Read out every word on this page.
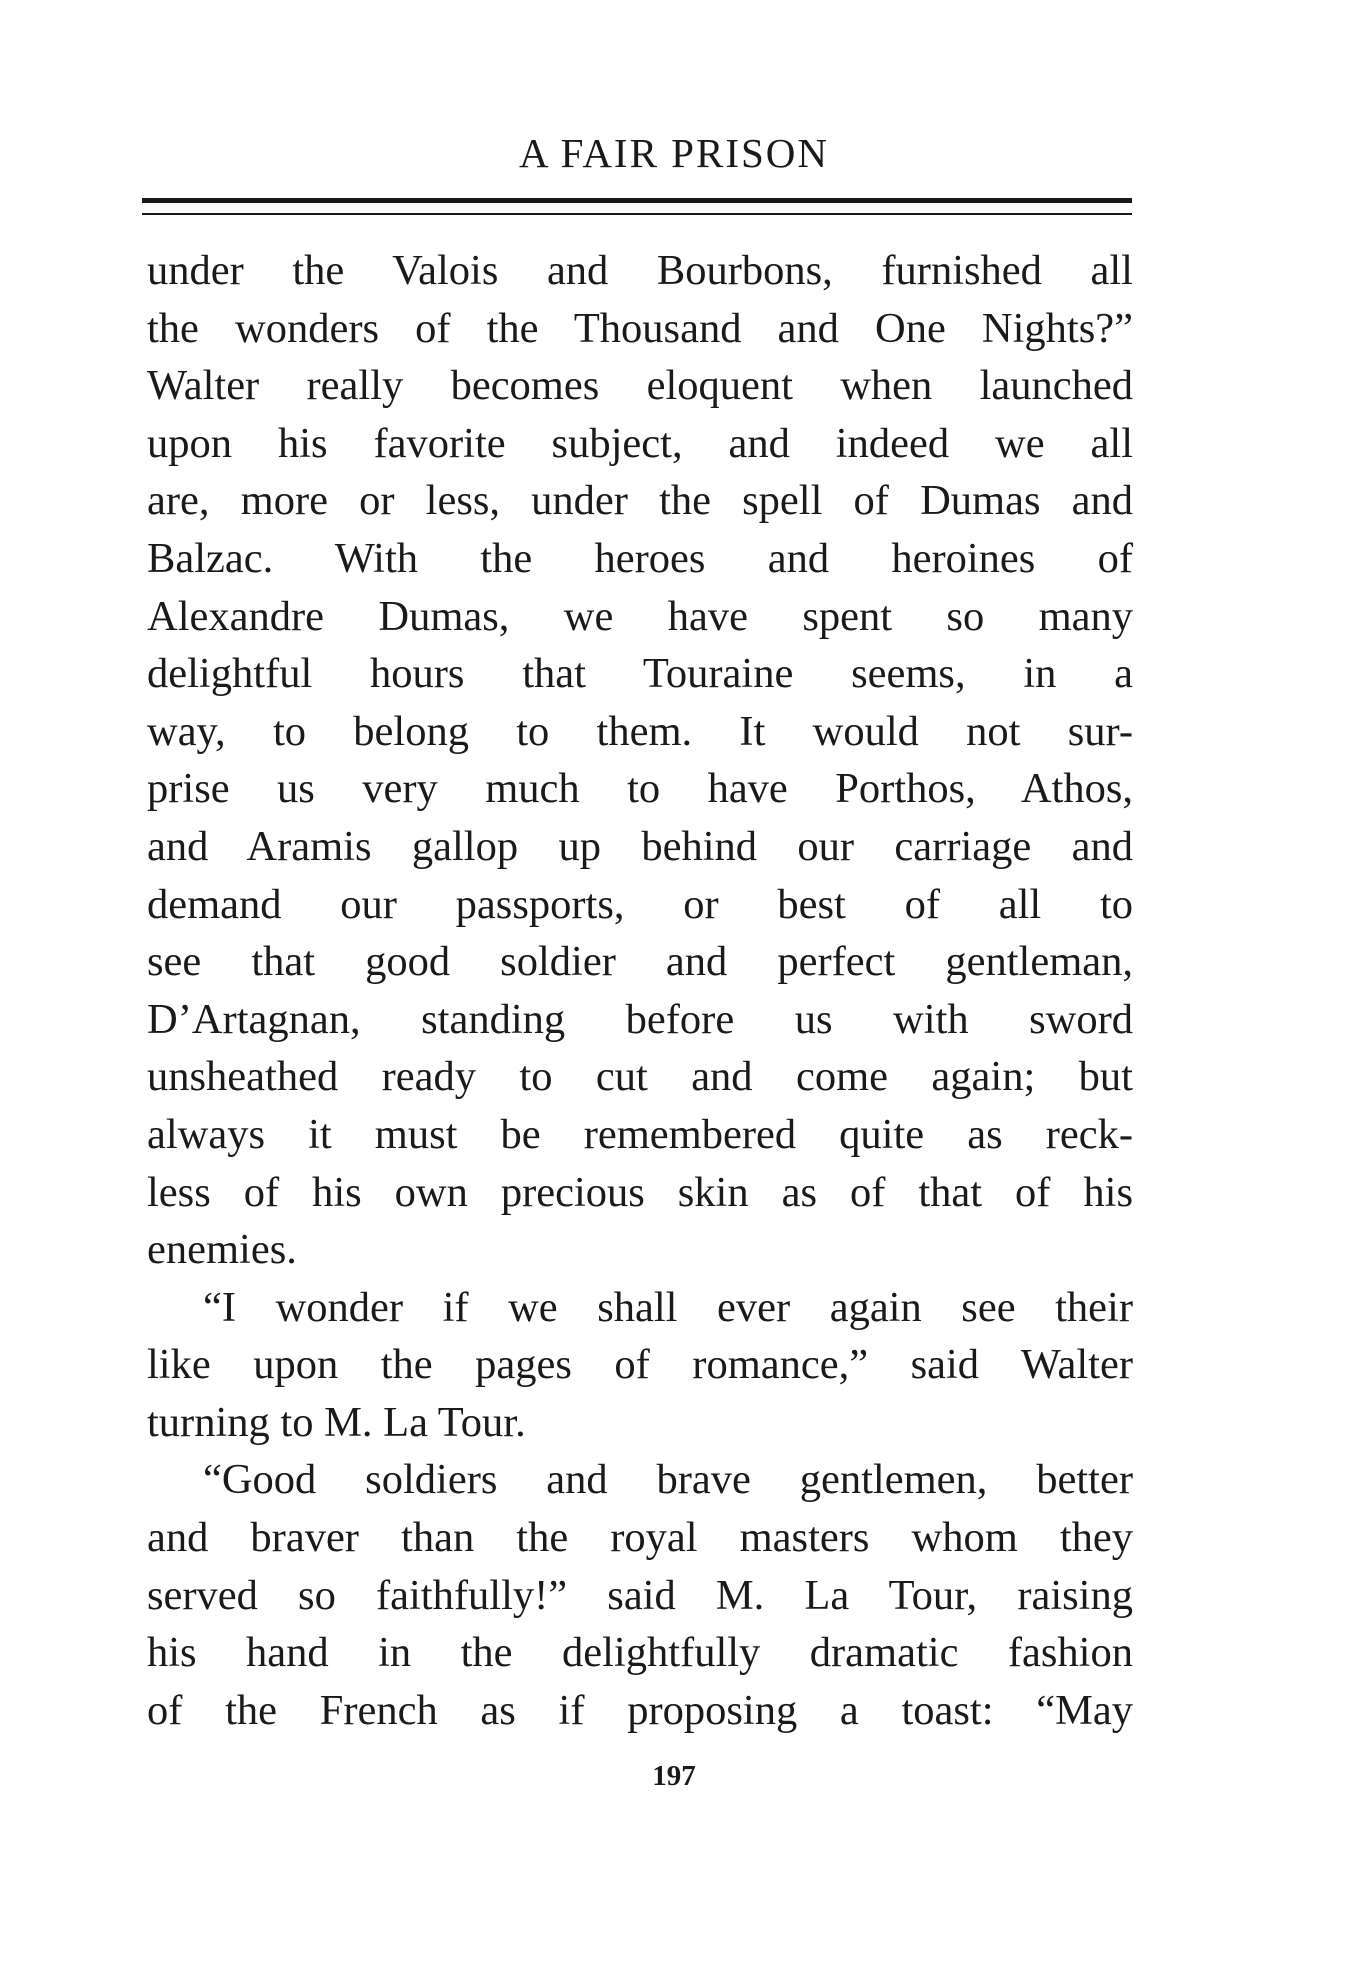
A FAIR PRISON
under the Valois and Bourbons, furnished all
the wonders of the Thousand and One Nights?”
Walter really becomes eloquent when launched
upon his favorite subject, and indeed we all
are, more or less, under the spell of Dumas and
Balzac. With the heroes and heroines of
Alexandre Dumas, we have spent so many
delightful hours that Touraine seems, in a
way, to belong to them. It would not sur-
prise us very much to have Porthos, Athos,
and Aramis gallop up behind our carriage and
demand our passports, or best of all to
see that good soldier and perfect gentleman,
D’Artagnan, standing before us with sword
unsheathed ready to cut and come again; but
always it must be remembered quite as reck-
less of his own precious skin as of that of his
enemies.
“I wonder if we shall ever again see their
like upon the pages of romance,” said Walter
turning to M. La Tour.
“Good soldiers and brave gentlemen, better
and braver than the royal masters whom they
served so faithfully!” said M. La Tour, raising
his hand in the delightfully dramatic fashion
of the French as if proposing a toast: “May
197
